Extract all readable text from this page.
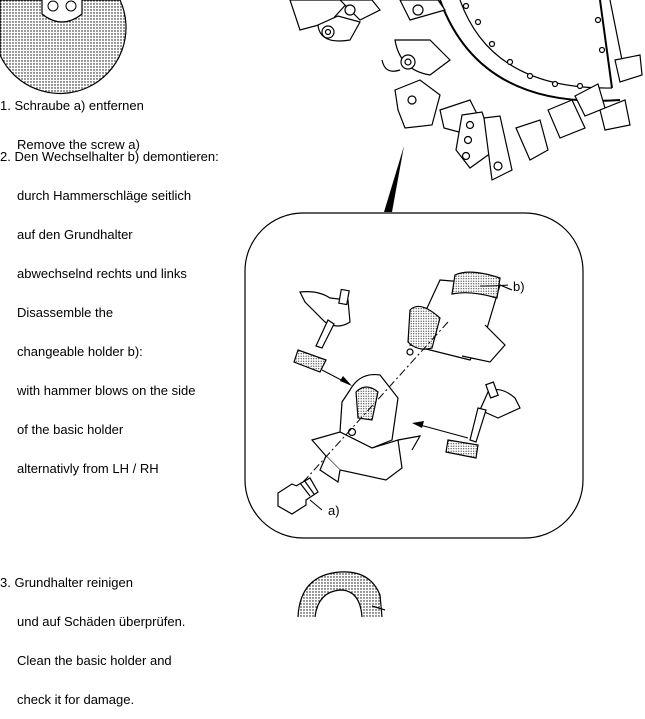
1. Schraube a) entfernen

Remove the screw a)

2. Den Wechselhalter b) demontieren:

durch Hammerschläge seitlich

auf den Grundhalter

abwechselnd rechts und links

Disassemble the

changeable holder b):

with hammer blows on the side

of the basic holder

alternativly from LH / RH

3. Grundhalter reinigen

und auf Schäden überprüfen.

Clean the basic holder and

check it for damage.

b)
a)
